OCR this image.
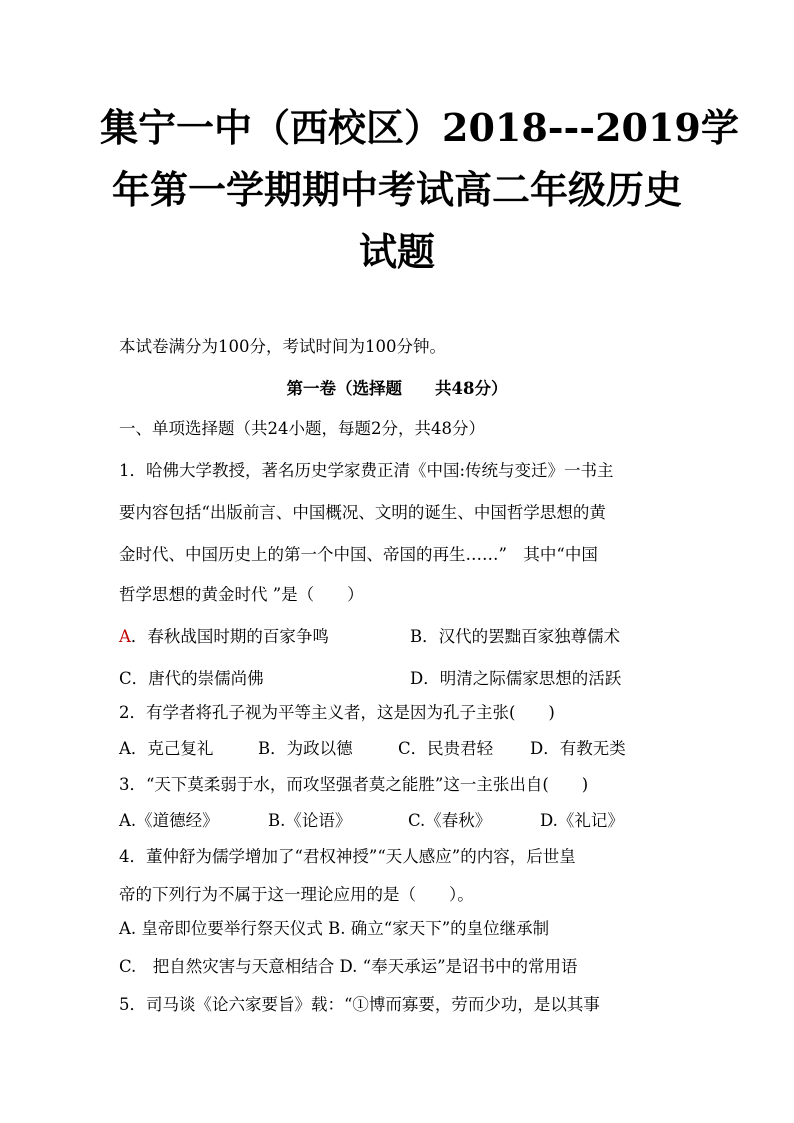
集宁一中（西校区）2018---2019学
年第一学期期中考试高二年级历史
试题
本试卷满分为100分，考试时间为100分钟。
第一卷（选择题　　共48分）
一、单项选择题（共24小题，每题2分，共48分）
1．哈佛大学教授，著名历史学家费正清《中国:传统与变迁》一书主
要内容包括“出版前言、中国概况、文明的诞生、中国哲学思想的黄
金时代、中国历史上的第一个中国、帝国的再生……”　其中“中国
哲学思想的黄金时代 ”是（　　）
A．春秋战国时期的百家争鸣	B．汉代的罢黜百家独尊儒术
C．唐代的崇儒尚佛	D．明清之际儒家思想的活跃
2．有学者将孔子视为平等主义者，这是因为孔子主张(　　)
A．克己复礼	B．为政以德	C．民贵君轻 D．有教无类
3．“天下莫柔弱于水，而攻坚强者莫之能胜”这一主张出自(　　)
A.《道德经》	B.《论语》	C.《春秋》	D.《礼记》
4．董仲舒为儒学增加了“君权神授”“天人感应”的内容，后世皇
帝的下列行为不属于这一理论应用的是（　　）。
A. 皇帝即位要举行祭天仪式 B. 确立“家天下”的皇位继承制
C.　把自然灾害与天意相结合 D. “奉天承运”是诏书中的常用语
5．司马谈《论六家要旨》载：“①博而寡要，劳而少功，是以其事
